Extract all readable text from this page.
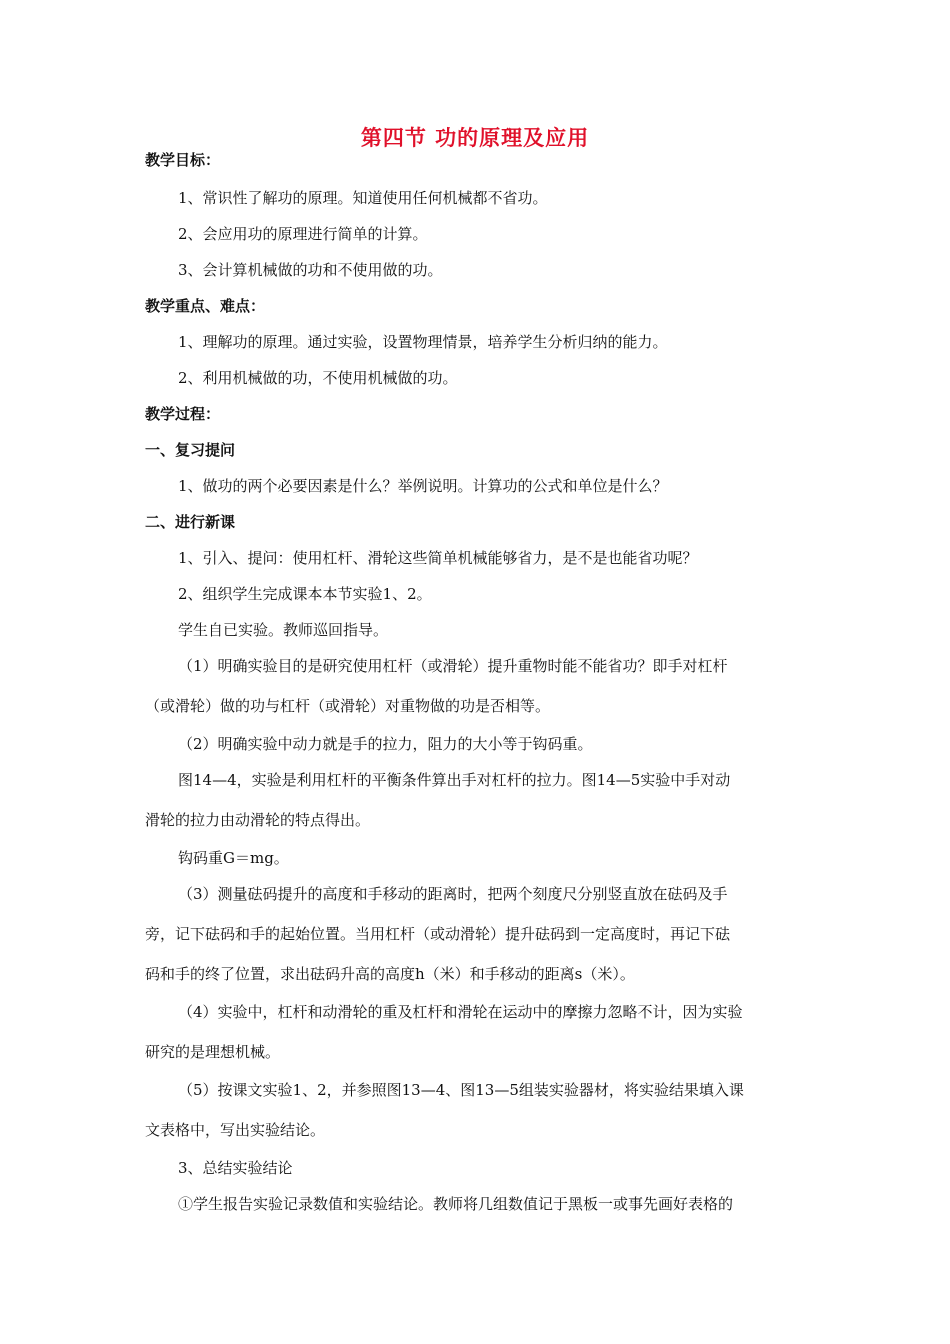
第四节 功的原理及应用
教学目标：
1、常识性了解功的原理。知道使用任何机械都不省功。
2、会应用功的原理进行简单的计算。
3、会计算机械做的功和不使用做的功。
教学重点、难点：
1、理解功的原理。通过实验，设置物理情景，培养学生分析归纳的能力。
2、利用机械做的功，不使用机械做的功。
教学过程：
一、复习提问
1、做功的两个必要因素是什么？举例说明。计算功的公式和单位是什么？
二、进行新课
1、引入、提问：使用杠杆、滑轮这些简单机械能够省力，是不是也能省功呢？
2、组织学生完成课本本节实验1、2。
学生自已实验。教师巡回指导。
（1）明确实验目的是研究使用杠杆（或滑轮）提升重物时能不能省功？即手对杠杆
（或滑轮）做的功与杠杆（或滑轮）对重物做的功是否相等。
（2）明确实验中动力就是手的拉力，阻力的大小等于钩码重。
图14—4，实验是利用杠杆的平衡条件算出手对杠杆的拉力。图14—5实验中手对动
滑轮的拉力由动滑轮的特点得出。
钩码重G＝mg。
（3）测量砝码提升的高度和手移动的距离时，把两个刻度尺分别竖直放在砝码及手
旁，记下砝码和手的起始位置。当用杠杆（或动滑轮）提升砝码到一定高度时，再记下砝
码和手的终了位置，求出砝码升高的高度h（米）和手移动的距离s（米）。
（4）实验中，杠杆和动滑轮的重及杠杆和滑轮在运动中的摩擦力忽略不计，因为实验
研究的是理想机械。
（5）按课文实验1、2，并参照图13—4、图13—5组装实验器材，将实验结果填入课
文表格中，写出实验结论。
3、总结实验结论
①学生报告实验记录数值和实验结论。教师将几组数值记于黑板一或事先画好表格的
